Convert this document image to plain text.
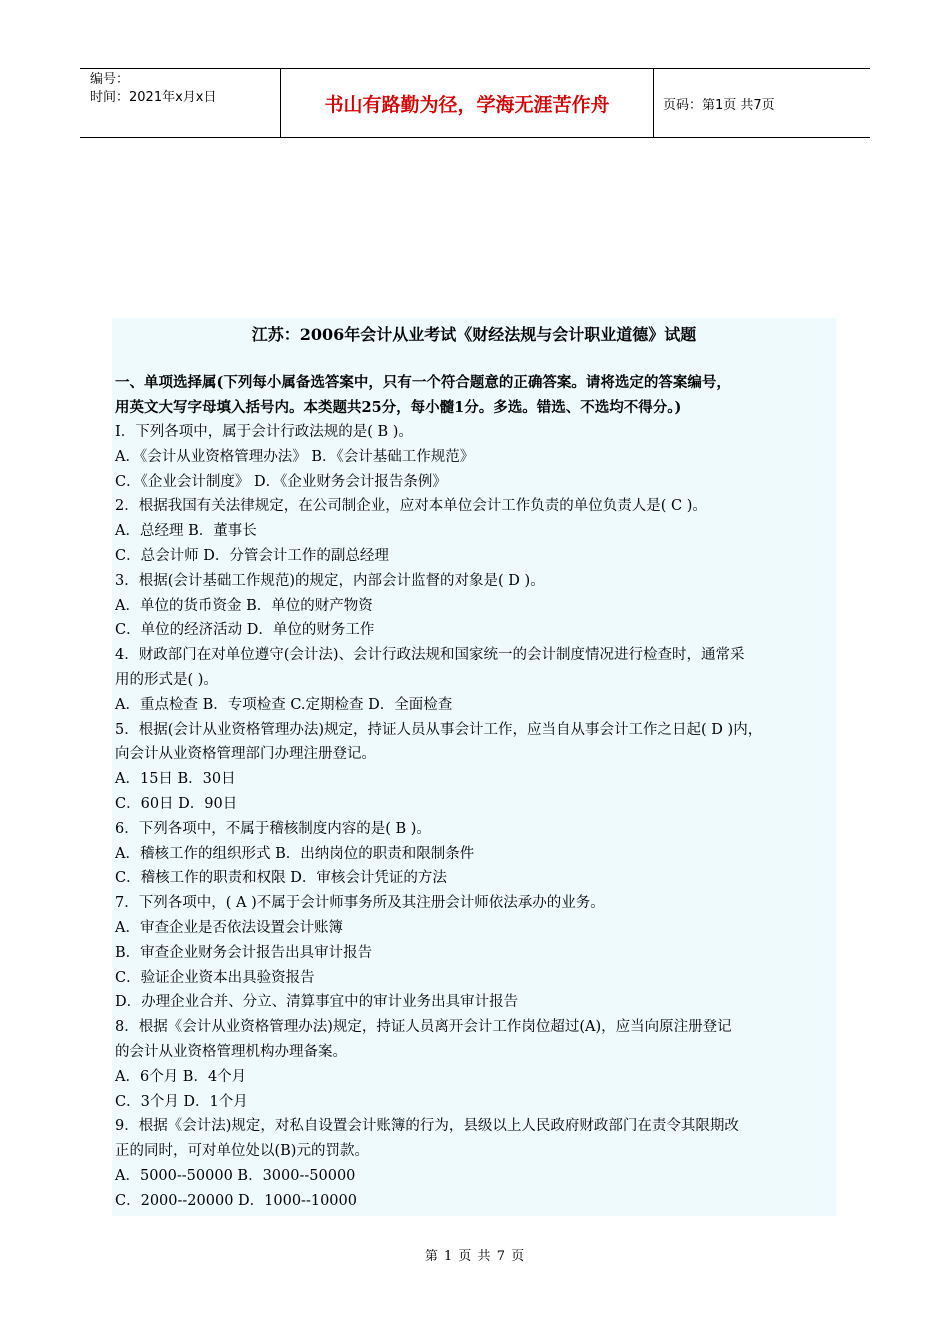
编号：
时间：2021年x月x日	书山有路勤为径，学海无涯苦作舟	页码：第1页 共7页
江苏：2006年会计从业考试《财经法规与会计职业道德》试题
一、单项选择属(下列每小属备选答案中，只有一个符合题意的正确答案。请将选定的答案编号，
用英文大写字母填入括号内。本类题共25分，每小髓1分。多选。错选、不选均不得分。)
I．下列各项中，属于会计行政法规的是( B )。
A．《会计从业资格管理办法》 B．《会计基础工作规范》
C．《企业会计制度》 D．《企业财务会计报告条例》
2．根据我国有关法律规定，在公司制企业，应对本单位会计工作负责的单位负责人是( C )。
A．总经理 B．董事长
C．总会计师 D．分管会计工作的副总经理
3．根据(会计基础工作规范)的规定，内部会计监督的对象是( D )。
A．单位的货币资金 B．单位的财产物资
C．单位的经济活动 D．单位的财务工作
4．财政部门在对单位遵守(会计法)、会计行政法规和国家统一的会计制度情况进行检查时，通常采
用的形式是( )。
A．重点检查 B．专项检查 C.定期检查 D．全面检查
5．根据(会计从业资格管理办法)规定，持证人员从事会计工作，应当自从事会计工作之日起( D )内，
向会计从业资格管理部门办理注册登记。
A．15日 B．30日
C．60日 D．90日
6．下列各项中，不属于稽核制度内容的是( B )。
A．稽核工作的组织形式 B．出纳岗位的职责和限制条件
C．稽核工作的职责和权限 D．审核会计凭证的方法
7．下列各项中，( A )不属于会计师事务所及其注册会计师依法承办的业务。
A．审查企业是否依法设置会计账簿
B．审查企业财务会计报告出具审计报告
C．验证企业资本出具验资报告
D．办理企业合并、分立、清算事宜中的审计业务出具审计报告
8．根据《会计从业资格管理办法)规定，持证人员离开会计工作岗位超过(A)，应当向原注册登记
的会计从业资格管理机构办理备案。
A．6个月 B．4个月
C．3个月 D．1个月
9．根据《会计法)规定，对私自设置会计账簿的行为，县级以上人民政府财政部门在责令其限期改
正的同时，可对单位处以(B)元的罚款。
A．5000--50000 B．3000--50000
C．2000--20000 D．1000--10000
第 1 页 共 7 页
